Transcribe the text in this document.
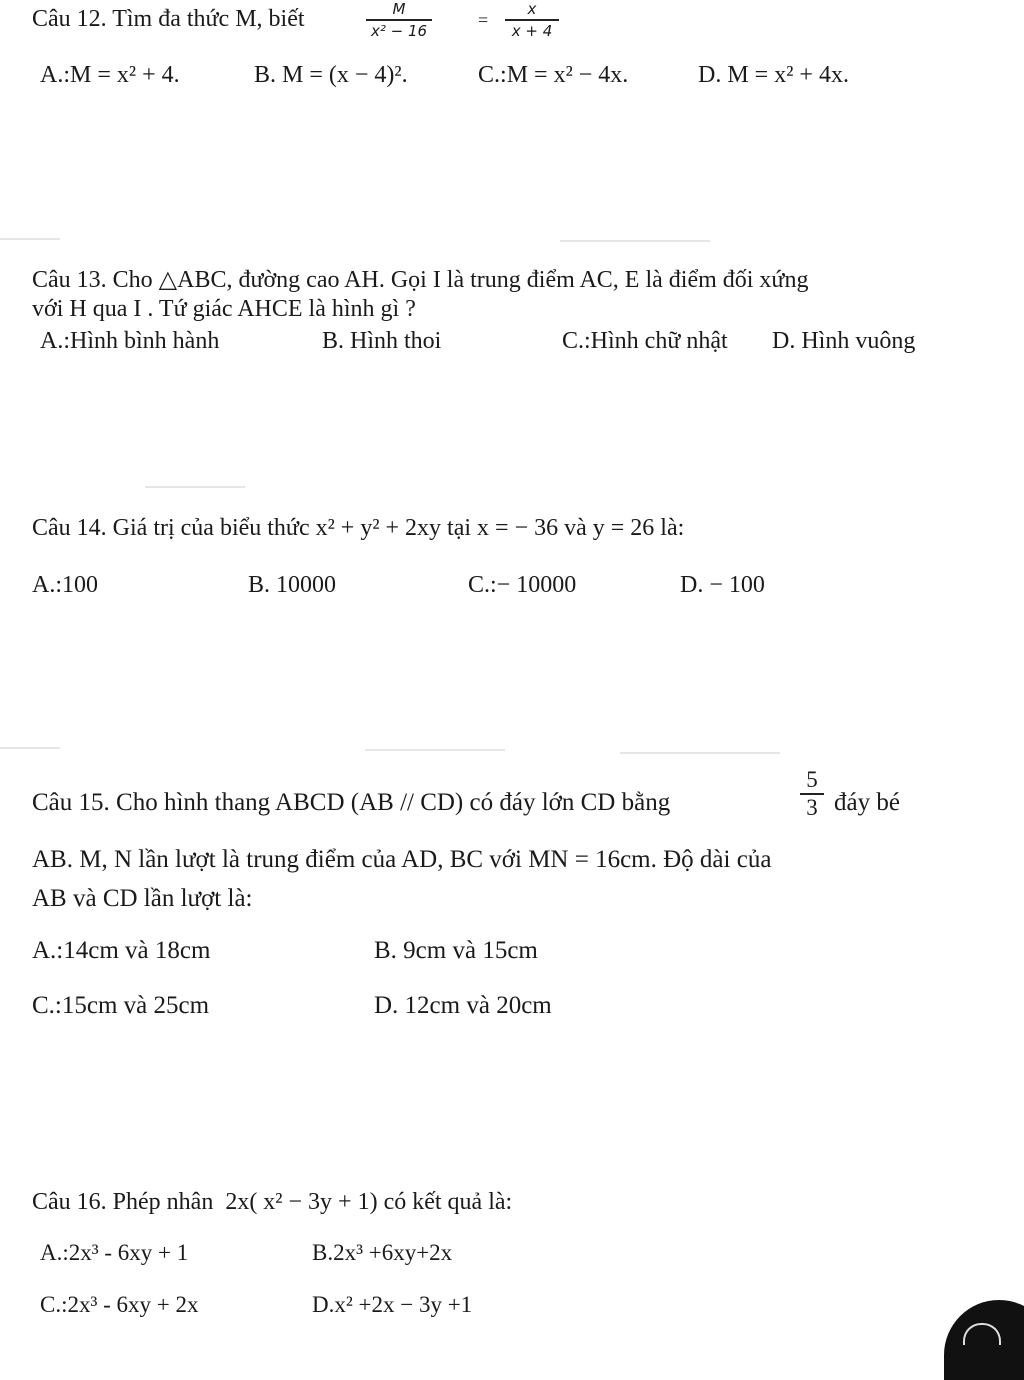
Câu 12. Tìm đa thức M, biết	M
x² − 16
=
x
x + 4
A.:M = x² + 4.	B. M = (x − 4)².	C.:M = x² − 4x.	D. M = x² + 4x.
Câu 13. Cho △ABC, đường cao AH. Gọi I là trung điểm AC, E là điểm đối xứng
với H qua I . Tứ giác AHCE là hình gì ?
A.:Hình bình hành	B. Hình thoi	C.:Hình chữ nhật D. Hình vuông
Câu 14. Giá trị của biểu thức x² + y² + 2xy tại x = − 36 và y = 26 là:
A.:100	B. 10000	C.:− 10000	D. − 100
Câu 15. Cho hình thang ABCD (AB // CD) có đáy lớn CD bằng
5
3 đáy bé
AB. M, N lần lượt là trung điểm của AD, BC với MN = 16cm. Độ dài của
AB và CD lần lượt là:
A.:14cm và 18cm	B. 9cm và 15cm
C.:15cm và 25cm	D. 12cm và 20cm
Câu 16. Phép nhân 2x( x² − 3y + 1) có kết quả là:
A.:2x³ - 6xy + 1	B.2x³ +6xy+2x
C.:2x³ - 6xy + 2x	D.x² +2x − 3y +1
